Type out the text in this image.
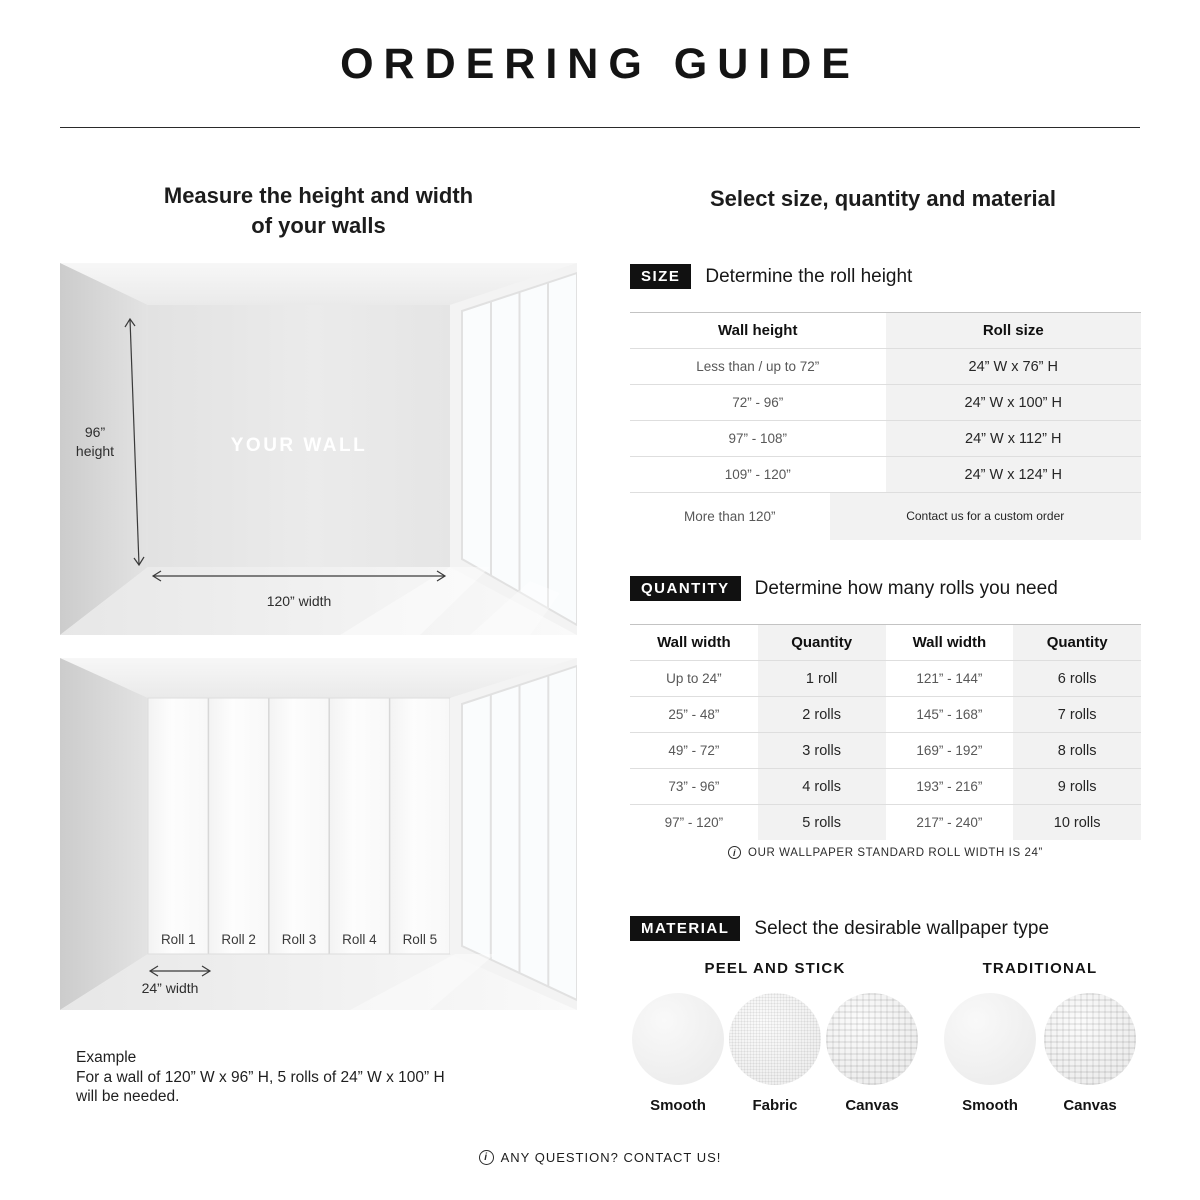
ORDERING GUIDE
Measure the height and width
of your walls
Select size, quantity and material
YOUR WALL
96” height
120” width
Roll 1	Roll 2	Roll 3	Roll 4	Roll 5
24” width
Example
For a wall of 120” W x 96” H, 5 rolls of 24” W x 100” H
will be needed.
SIZE	Determine the roll height
Wall height	Roll size
Less than / up to 72”	24” W x 76” H
72” - 96”	24” W x 100” H
97” - 108”	24” W x 112” H
109” - 120”	24” W x 124” H
More than 120”	Contact us for a custom order
QUANTITY	Determine how many rolls you need
Wall width	Quantity	Wall width	Quantity
Up to 24”	1 roll	121” - 144”	6 rolls
25” - 48”	2 rolls	145” - 168”	7 rolls
49” - 72”	3 rolls	169” - 192”	8 rolls
73” - 96”	4 rolls	193” - 216”	9 rolls
97” - 120”	5 rolls	217” - 240”	10 rolls
i	OUR WALLPAPER STANDARD ROLL WIDTH IS 24”
MATERIAL	Select the desirable wallpaper type
PEEL AND STICK
Smooth	Fabric	Canvas
TRADITIONAL
Smooth	Canvas
i ANY QUESTION? CONTACT US!
